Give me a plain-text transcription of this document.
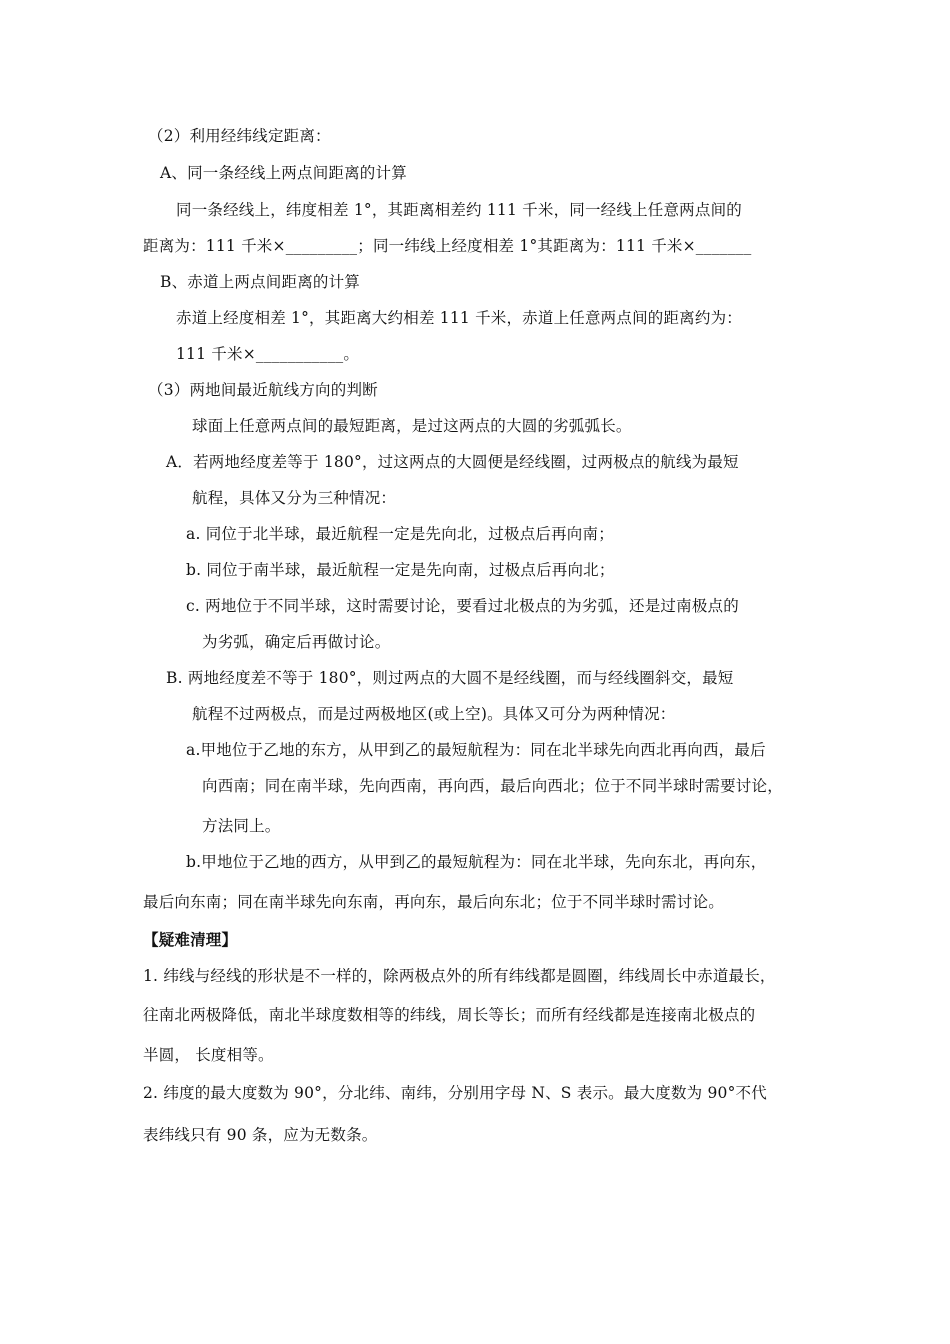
（2）利用经纬线定距离：
A、同一条经线上两点间距离的计算
同一条经线上，纬度相差 1°，其距离相差约 111 千米，同一经线上任意两点间的
距离为：111 千米×_________；同一纬线上经度相差 1°其距离为：111 千米×_______
B、赤道上两点间距离的计算
赤道上经度相差 1°，其距离大约相差 111 千米，赤道上任意两点间的距离约为：
111 千米×___________。
（3）两地间最近航线方向的判断
球面上任意两点间的最短距离，是过这两点的大圆的劣弧弧长。
A．若两地经度差等于 180°，过这两点的大圆便是经线圈，过两极点的航线为最短
航程，具体又分为三种情况：
a. 同位于北半球，最近航程一定是先向北，过极点后再向南；
b. 同位于南半球，最近航程一定是先向南，过极点后再向北；
c. 两地位于不同半球，这时需要讨论，要看过北极点的为劣弧，还是过南极点的
为劣弧，确定后再做讨论。
B. 两地经度差不等于 180°，则过两点的大圆不是经线圈，而与经线圈斜交，最短
航程不过两极点，而是过两极地区(或上空)。具体又可分为两种情况：
a.甲地位于乙地的东方，从甲到乙的最短航程为：同在北半球先向西北再向西，最后
向西南；同在南半球，先向西南，再向西，最后向西北；位于不同半球时需要讨论，
方法同上。
b.甲地位于乙地的西方，从甲到乙的最短航程为：同在北半球，先向东北，再向东，
最后向东南；同在南半球先向东南，再向东，最后向东北；位于不同半球时需讨论。
【疑难清理】
1. 纬线与经线的形状是不一样的，除两极点外的所有纬线都是圆圈，纬线周长中赤道最长，
往南北两极降低，南北半球度数相等的纬线，周长等长；而所有经线都是连接南北极点的
半圆， 长度相等。
2. 纬度的最大度数为 90°，分北纬、南纬，分别用字母 N、S 表示。最大度数为 90°不代
表纬线只有 90 条，应为无数条。
